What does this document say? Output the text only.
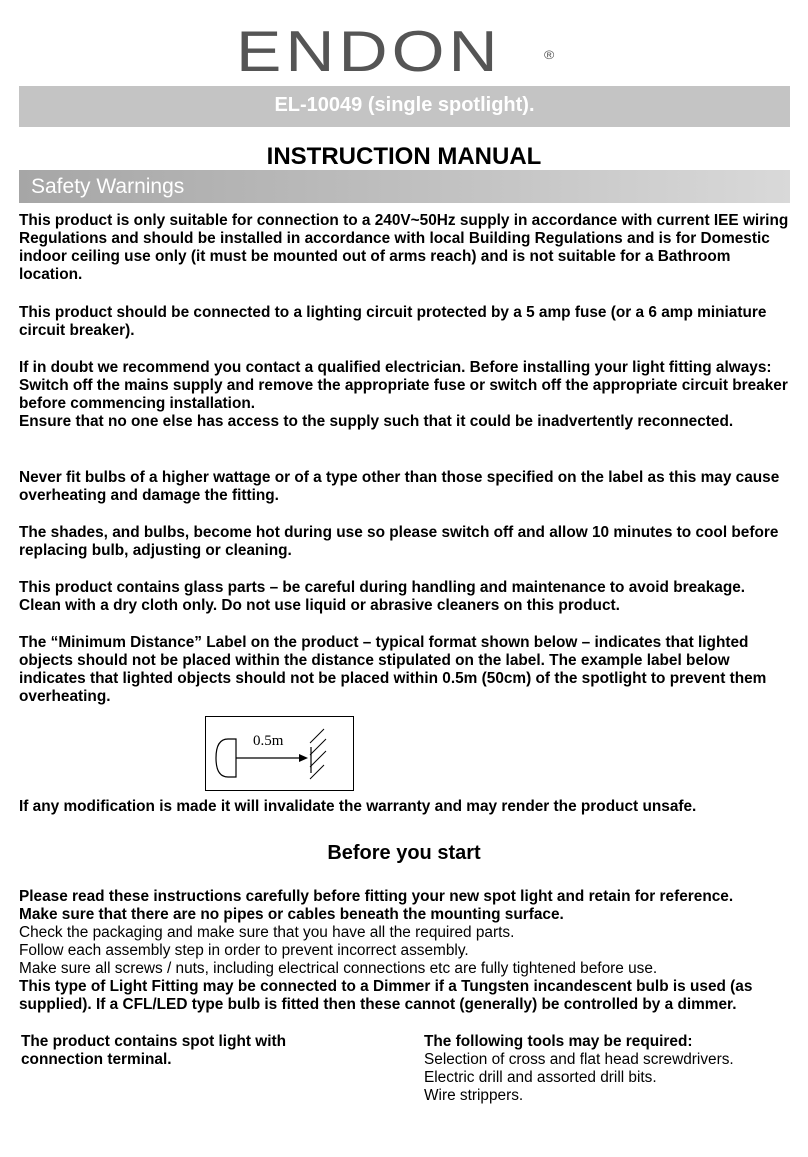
ENDON	®
EL-10049 (single spotlight).
INSTRUCTION MANUAL
Safety Warnings
This product is only suitable for connection to a 240V~50Hz supply in accordance with current IEE wiring Regulations and should be installed in accordance with local Building Regulations and is for Domestic indoor ceiling use only (it must be mounted out of arms reach) and is not suitable for a Bathroom location.
This product should be connected to a lighting circuit protected by a 5 amp fuse (or a 6 amp miniature circuit breaker).
If in doubt we recommend you contact a qualified electrician. Before installing your light fitting always:
Switch off the mains supply and remove the appropriate fuse or switch off the appropriate circuit breaker before commencing installation.
Ensure that no one else has access to the supply such that it could be inadvertently reconnected.
Never fit bulbs of a higher wattage or of a type other than those specified on the label as this may cause overheating and damage the fitting.
The shades, and bulbs, become hot during use so please switch off and allow 10 minutes to cool before replacing bulb, adjusting or cleaning.
This product contains glass parts – be careful during handling and maintenance to avoid breakage.
Clean with a dry cloth only. Do not use liquid or abrasive cleaners on this product.
The “Minimum Distance” Label on the product – typical format shown below – indicates that lighted objects should not be placed within the distance stipulated on the label. The example label below indicates that lighted objects should not be placed within 0.5m (50cm) of the spotlight to prevent them overheating.
0.5m
If any modification is made it will invalidate the warranty and may render the product unsafe.
Before you start
Please read these instructions carefully before fitting your new spot light and retain for reference.
Make sure that there are no pipes or cables beneath the mounting surface.
Check the packaging and make sure that you have all the required parts.
Follow each assembly step in order to prevent incorrect assembly.
Make sure all screws / nuts, including electrical connections etc are fully tightened before use.
This type of Light Fitting may be connected to a Dimmer if a Tungsten incandescent bulb is used (as supplied). If a CFL/LED type bulb is fitted then these cannot (generally) be controlled by a dimmer.
The product contains spot light with connection terminal.
The following tools may be required:
Selection of cross and flat head screwdrivers.
Electric drill and assorted drill bits.
Wire strippers.
